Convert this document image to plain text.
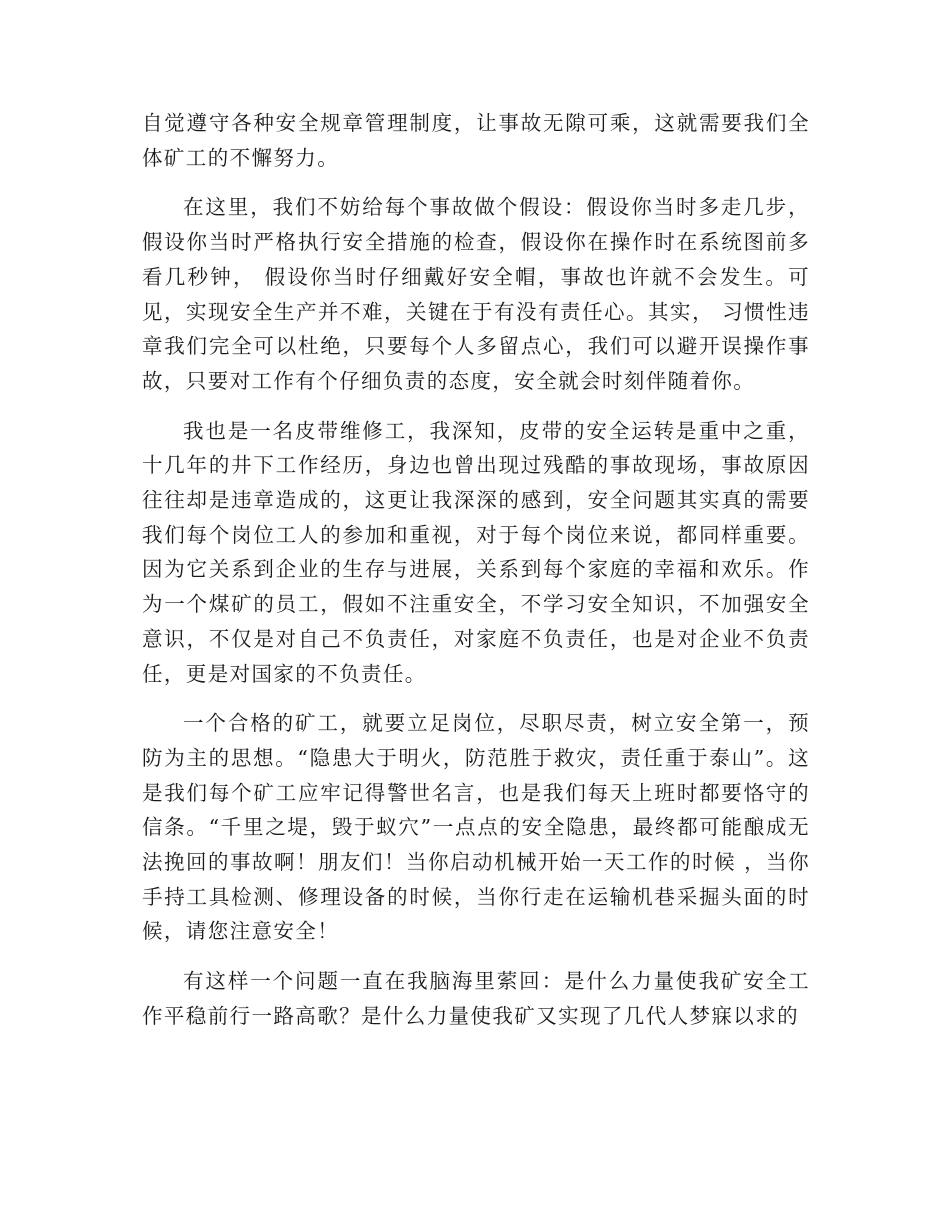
自觉遵守各种安全规章管理制度，让事故无隙可乘，这就需要我们全体矿工的不懈努力。

在这里，我们不妨给每个事故做个假设：假设你当时多走几步，假设你当时严格执行安全措施的检查，假设你在操作时在系统图前多看几秒钟， 假设你当时仔细戴好安全帽，事故也许就不会发生。可见，实现安全生产并不难，关键在于有没有责任心。其实， 习惯性违章我们完全可以杜绝，只要每个人多留点心，我们可以避开误操作事故，只要对工作有个仔细负责的态度，安全就会时刻伴随着你。

我也是一名皮带维修工，我深知，皮带的安全运转是重中之重，十几年的井下工作经历，身边也曾出现过残酷的事故现场，事故原因往往却是违章造成的，这更让我深深的感到，安全问题其实真的需要我们每个岗位工人的参加和重视，对于每个岗位来说，都同样重要。因为它关系到企业的生存与进展，关系到每个家庭的幸福和欢乐。作为一个煤矿的员工，假如不注重安全，不学习安全知识，不加强安全意识，不仅是对自己不负责任，对家庭不负责任，也是对企业不负责任，更是对国家的不负责任。

一个合格的矿工，就要立足岗位，尽职尽责，树立安全第一，预防为主的思想。“隐患大于明火，防范胜于救灾，责任重于泰山”。这是我们每个矿工应牢记得警世名言，也是我们每天上班时都要恪守的信条。“千里之堤，毁于蚁穴”一点点的安全隐患，最终都可能酿成无法挽回的事故啊！朋友们！当你启动机械开始一天工作的时候 ，当你手持工具检测、修理设备的时候，当你行走在运输机巷采掘头面的时候，请您注意安全！

有这样一个问题一直在我脑海里萦回：是什么力量使我矿安全工作平稳前行一路高歌？是什么力量使我矿又实现了几代人梦寐以求的
